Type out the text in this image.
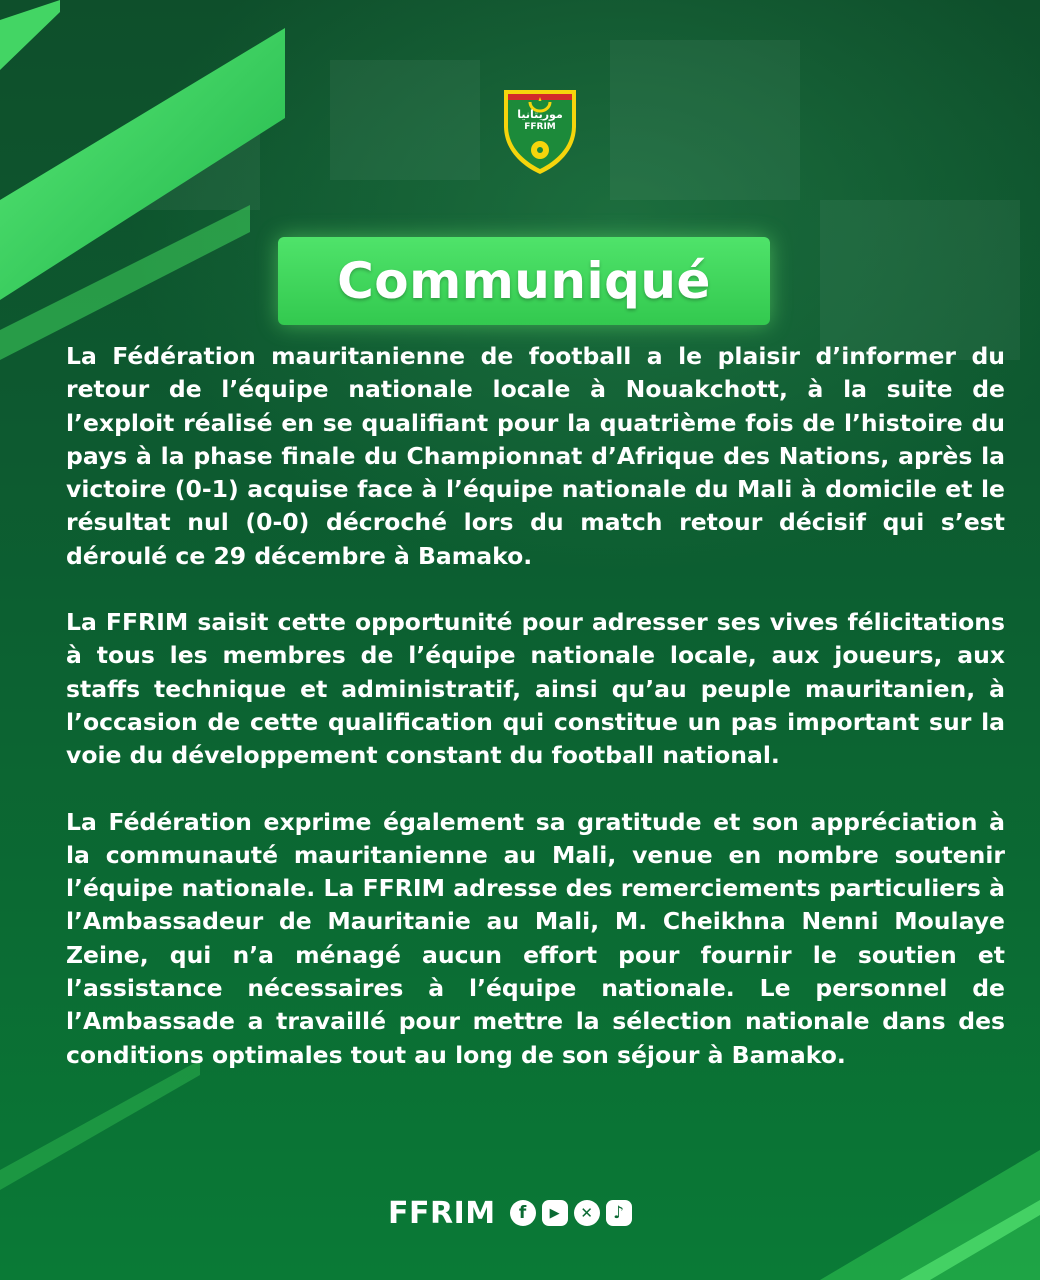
موريتانيا
FFRIM
Communiqué

La Fédération mauritanienne de football a le plaisir d’informer du retour de l’équipe nationale locale à Nouakchott, à la suite de l’exploit réalisé en se qualifiant pour la quatrième fois de l’histoire du pays à la phase finale du Championnat d’Afrique des Nations, après la victoire (0-1) acquise face à l’équipe nationale du Mali à domicile et le résultat nul (0-0) décroché lors du match retour décisif qui s’est déroulé ce 29 décembre à Bamako.

La FFRIM saisit cette opportunité pour adresser ses vives félicitations à tous les membres de l’équipe nationale locale, aux joueurs, aux staffs technique et administratif, ainsi qu’au peuple mauritanien, à l’occasion de cette qualification qui constitue un pas important sur la voie du développement constant du football national.

La Fédération exprime également sa gratitude et son appréciation à la communauté mauritanienne au Mali, venue en nombre soutenir l’équipe nationale. La FFRIM adresse des remerciements particuliers à l’Ambassadeur de Mauritanie au Mali, M. Cheikhna Nenni Moulaye Zeine, qui n’a ménagé aucun effort pour fournir le soutien et l’assistance nécessaires à l’équipe nationale. Le personnel de l’Ambassade a travaillé pour mettre la sélection nationale dans des conditions optimales tout au long de son séjour à Bamako.

FFRIM	f	▶	✕	♪
